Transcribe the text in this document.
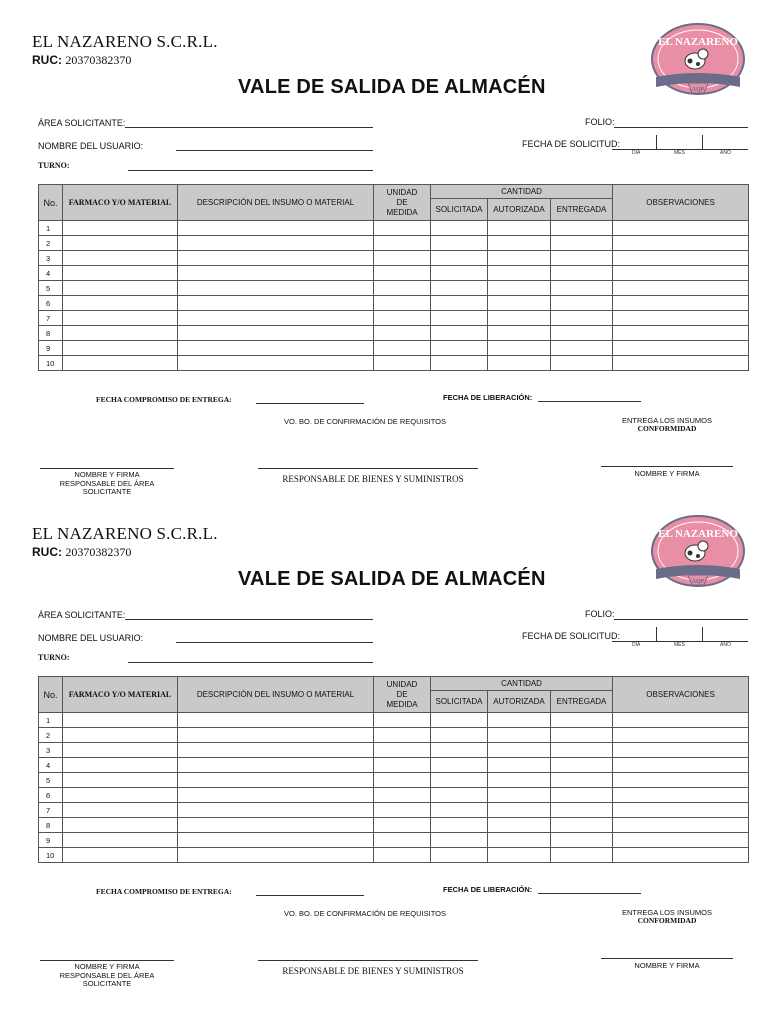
EL NAZARENO S.C.R.L.
RUC: 20370382370
VALE DE SALIDA DE ALMACÉN
EL NAZARENO
AQP
ÁREA SOLICITANTE:
NOMBRE DEL USUARIO:
TURNO:
FOLIO:
FECHA DE SOLICITUD:
DIA	MES	AÑO
No.	FARMACO Y/O MATERIAL	DESCRIPCIÓN DEL INSUMO O MATERIAL	UNIDAD DE MEDIDA	CANTIDAD			OBSERVACIONES
				SOLICITADA	AUTORIZADA	ENTREGADA	
1							
2							
3							
4							
5							
6							
7							
8							
9							
10							
FECHA COMPROMISO DE ENTREGA:	FECHA DE LIBERACIÓN:
VO. BO. DE CONFIRMACIÓN DE REQUISITOS	ENTREGA LOS INSUMOS
CONFORMIDAD
NOMBRE Y FIRMA
RESPONSABLE DEL ÁREA
SOLICITANTE
RESPONSABLE DE BIENES Y SUMINISTROS
NOMBRE Y FIRMA
EL NAZARENO S.C.R.L.
RUC: 20370382370
VALE DE SALIDA DE ALMACÉN
EL NAZARENO
AQP
ÁREA SOLICITANTE:
NOMBRE DEL USUARIO:
TURNO:
FOLIO:
FECHA DE SOLICITUD:
DIA	MES	AÑO
No.	FARMACO Y/O MATERIAL	DESCRIPCIÓN DEL INSUMO O MATERIAL	UNIDAD DE MEDIDA	CANTIDAD			OBSERVACIONES
				SOLICITADA	AUTORIZADA	ENTREGADA	
1							
2							
3							
4							
5							
6							
7							
8							
9							
10							
FECHA COMPROMISO DE ENTREGA:	FECHA DE LIBERACIÓN:
VO. BO. DE CONFIRMACIÓN DE REQUISITOS	ENTREGA LOS INSUMOS
CONFORMIDAD
NOMBRE Y FIRMA
RESPONSABLE DEL ÁREA
SOLICITANTE
RESPONSABLE DE BIENES Y SUMINISTROS
NOMBRE Y FIRMA
